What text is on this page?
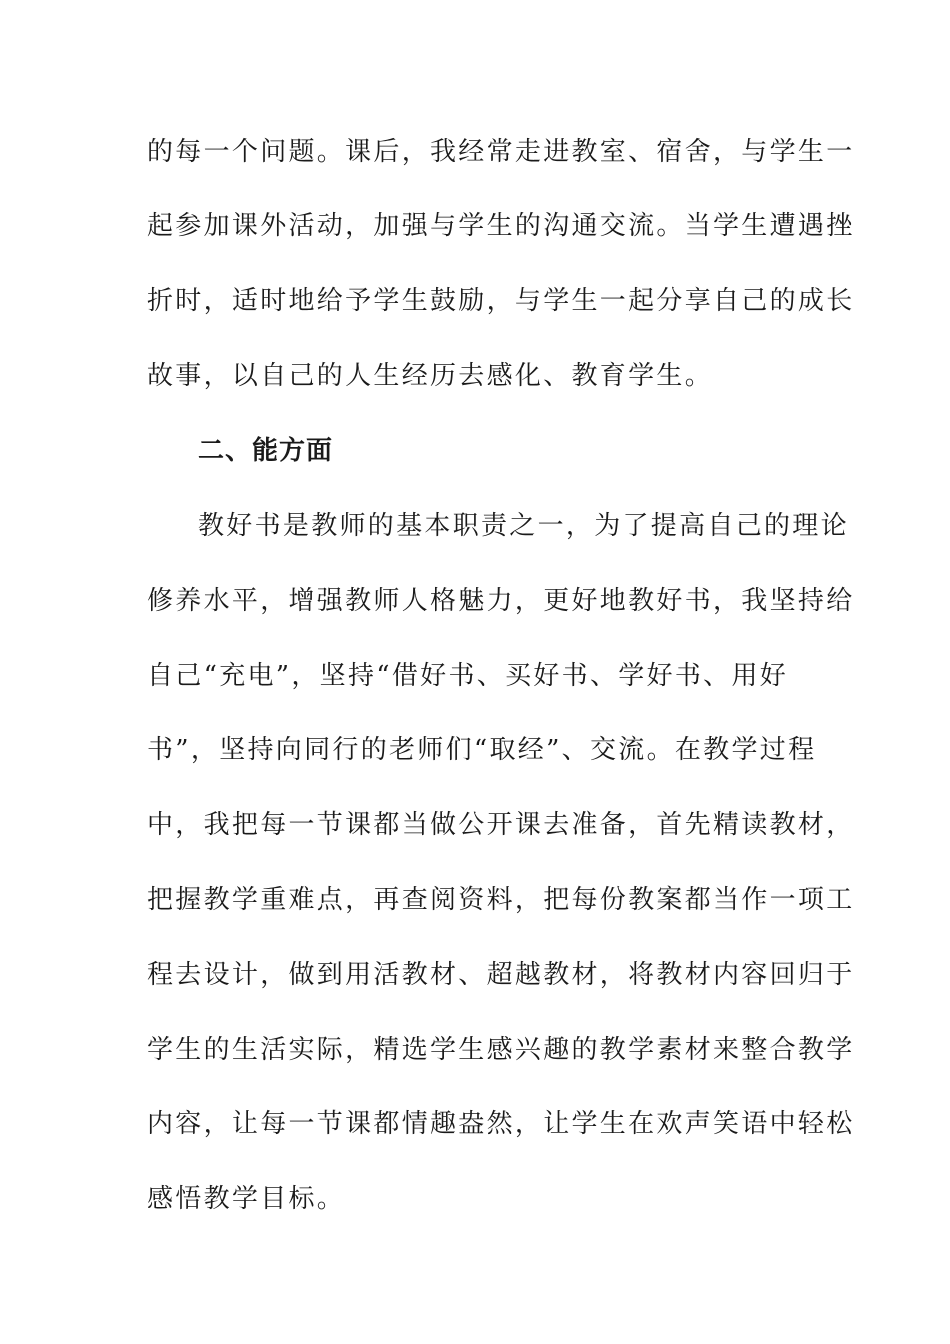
的每一个问题。课后，我经常走进教室、宿舍，与学生一
起参加课外活动，加强与学生的沟通交流。当学生遭遇挫
折时，适时地给予学生鼓励，与学生一起分享自己的成长
故事，以自己的人生经历去感化、教育学生。
二、能方面
教好书是教师的基本职责之一，为了提高自己的理论
修养水平，增强教师人格魅力，更好地教好书，我坚持给
自己“充电”，坚持“借好书、买好书、学好书、用好
书”，坚持向同行的老师们“取经”、交流。在教学过程
中，我把每一节课都当做公开课去准备，首先精读教材，
把握教学重难点，再查阅资料，把每份教案都当作一项工
程去设计，做到用活教材、超越教材，将教材内容回归于
学生的生活实际，精选学生感兴趣的教学素材来整合教学
内容，让每一节课都情趣盎然，让学生在欢声笑语中轻松
感悟教学目标。
